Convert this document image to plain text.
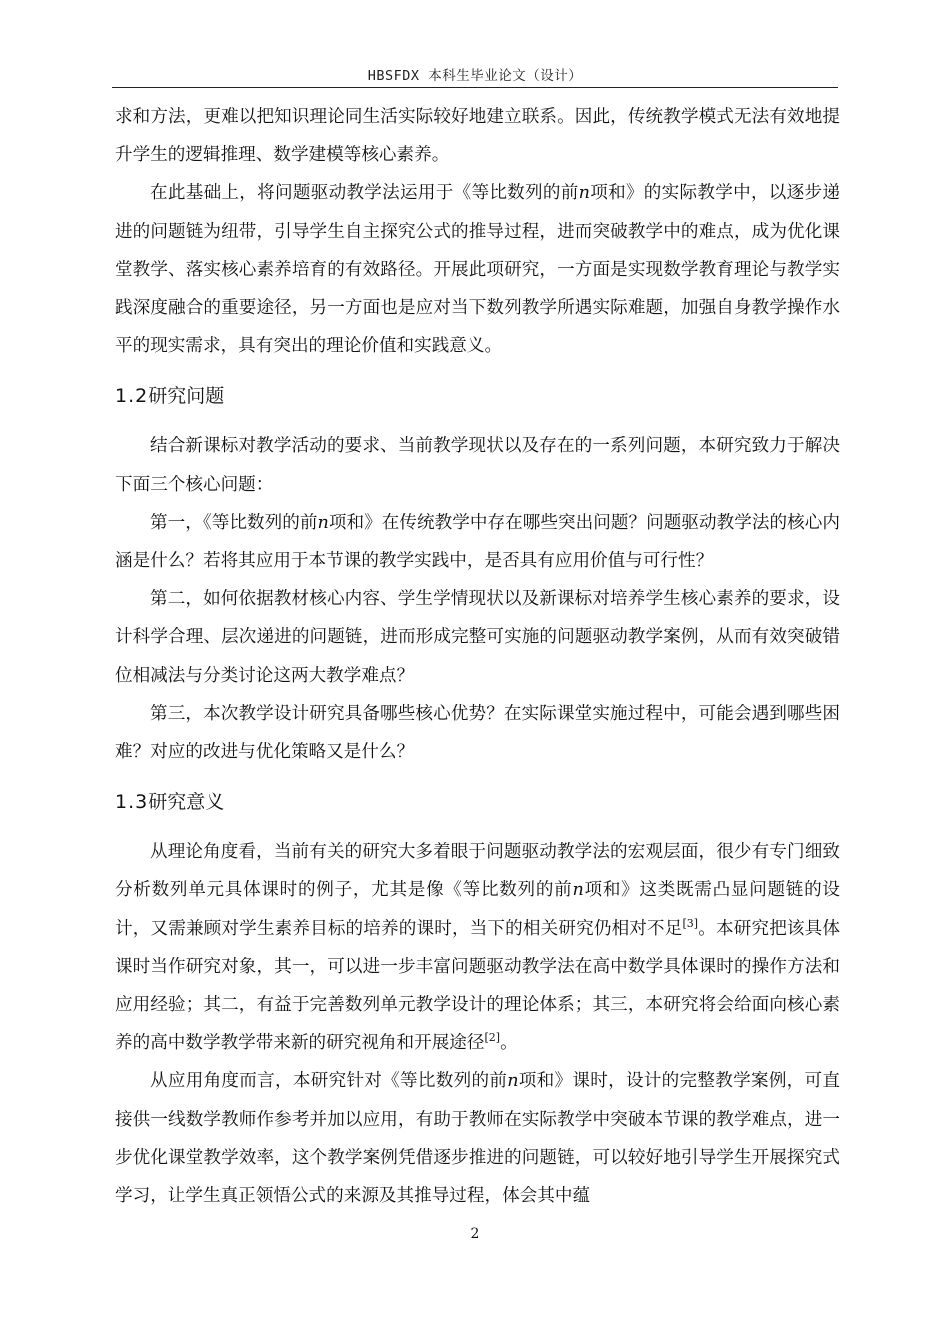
HBSFDX 本科生毕业论文（设计）

求和方法，更难以把知识理论同生活实际较好地建立联系。因此，传统教学模式无法有效地提升学生的逻辑推理、数学建模等核心素养。

在此基础上，将问题驱动教学法运用于《等比数列的前n项和》的实际教学中，以逐步递进的问题链为纽带，引导学生自主探究公式的推导过程，进而突破教学中的难点，成为优化课堂教学、落实核心素养培育的有效路径。开展此项研究，一方面是实现数学教育理论与教学实践深度融合的重要途径，另一方面也是应对当下数列教学所遇实际难题，加强自身教学操作水平的现实需求，具有突出的理论价值和实践意义。

1.2研究问题

结合新课标对教学活动的要求、当前教学现状以及存在的一系列问题，本研究致力于解决下面三个核心问题：

第一，《等比数列的前n项和》在传统教学中存在哪些突出问题？问题驱动教学法的核心内涵是什么？若将其应用于本节课的教学实践中，是否具有应用价值与可行性？

第二，如何依据教材核心内容、学生学情现状以及新课标对培养学生核心素养的要求，设计科学合理、层次递进的问题链，进而形成完整可实施的问题驱动教学案例，从而有效突破错位相减法与分类讨论这两大教学难点？

第三，本次教学设计研究具备哪些核心优势？在实际课堂实施过程中，可能会遇到哪些困难？对应的改进与优化策略又是什么？

1.3研究意义

从理论角度看，当前有关的研究大多着眼于问题驱动教学法的宏观层面，很少有专门细致分析数列单元具体课时的例子，尤其是像《等比数列的前n项和》这类既需凸显问题链的设计，又需兼顾对学生素养目标的培养的课时，当下的相关研究仍相对不足[3]。本研究把该具体课时当作研究对象，其一，可以进一步丰富问题驱动教学法在高中数学具体课时的操作方法和应用经验；其二，有益于完善数列单元教学设计的理论体系；其三，本研究将会给面向核心素养的高中数学教学带来新的研究视角和开展途径[2]。

从应用角度而言，本研究针对《等比数列的前n项和》课时，设计的完整教学案例，可直接供一线数学教师作参考并加以应用，有助于教师在实际教学中突破本节课的教学难点，进一步优化课堂教学效率，这个教学案例凭借逐步推进的问题链，可以较好地引导学生开展探究式学习，让学生真正领悟公式的来源及其推导过程，体会其中蕴

2
